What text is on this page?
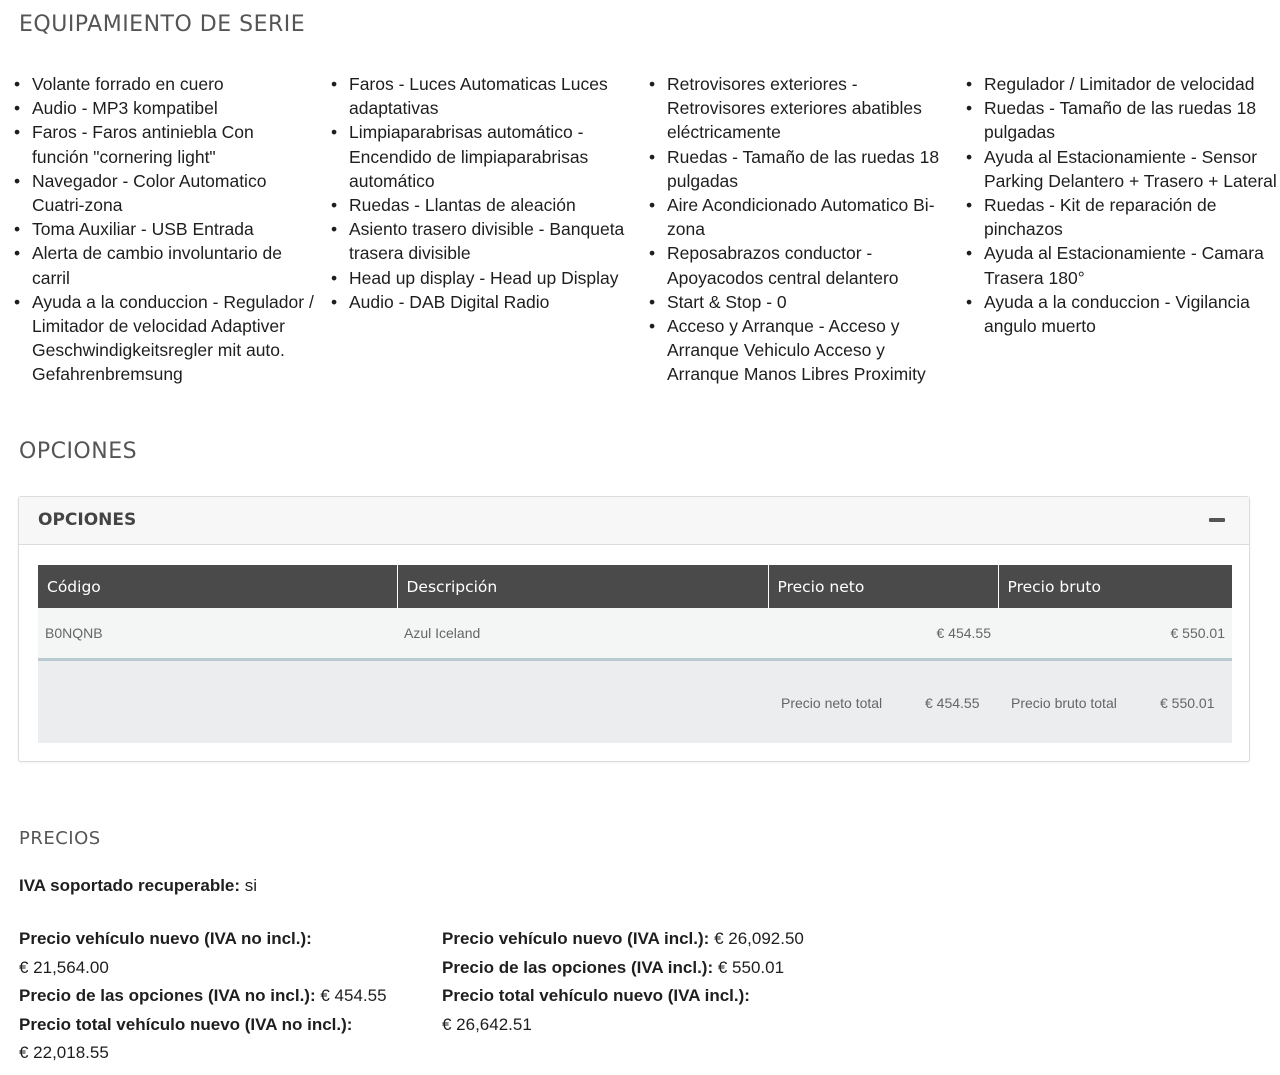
EQUIPAMIENTO DE SERIE
• Volante forrado en cuero
• Audio - MP3 kompatibel
• Faros - Faros antiniebla Con función "cornering light"
• Navegador - Color Automatico Cuatri-zona
• Toma Auxiliar - USB Entrada
• Alerta de cambio involuntario de carril
• Ayuda a la conduccion - Regulador / Limitador de velocidad Adaptiver Geschwindigkeitsregler mit auto. Gefahrenbremsung
• Faros - Luces Automaticas Luces adaptativas
• Limpiaparabrisas automático - Encendido de limpiaparabrisas automático
• Ruedas - Llantas de aleación
• Asiento trasero divisible - Banqueta trasera divisible
• Head up display - Head up Display
• Audio - DAB Digital Radio
• Retrovisores exteriores - Retrovisores exteriores abatibles eléctricamente
• Ruedas - Tamaño de las ruedas 18 pulgadas
• Aire Acondicionado Automatico Bi-zona
• Reposabrazos conductor - Apoyacodos central delantero
• Start & Stop - 0
• Acceso y Arranque - Acceso y Arranque Vehiculo Acceso y Arranque Manos Libres Proximity
• Regulador / Limitador de velocidad
• Ruedas - Tamaño de las ruedas 18 pulgadas
• Ayuda al Estacionamiente - Sensor Parking Delantero + Trasero + Lateral
• Ruedas - Kit de reparación de pinchazos
• Ayuda al Estacionamiente - Camara Trasera 180°
• Ayuda a la conduccion - Vigilancia angulo muerto
OPCIONES
OPCIONES
Código	Descripción	Precio neto	Precio bruto
B0NQNB	Azul Iceland	€ 454.55	€ 550.01
Precio neto total	€ 454.55 Precio bruto total	€ 550.01
PRECIOS
IVA soportado recuperable: si

Precio vehículo nuevo (IVA no incl.):
€ 21,564.00

Precio de las opciones (IVA no incl.): € 454.55

Precio total vehículo nuevo (IVA no incl.):
€ 22,018.55

Precio vehículo nuevo (IVA incl.): € 26,092.50

Precio de las opciones (IVA incl.): € 550.01

Precio total vehículo nuevo (IVA incl.):
€ 26,642.51
